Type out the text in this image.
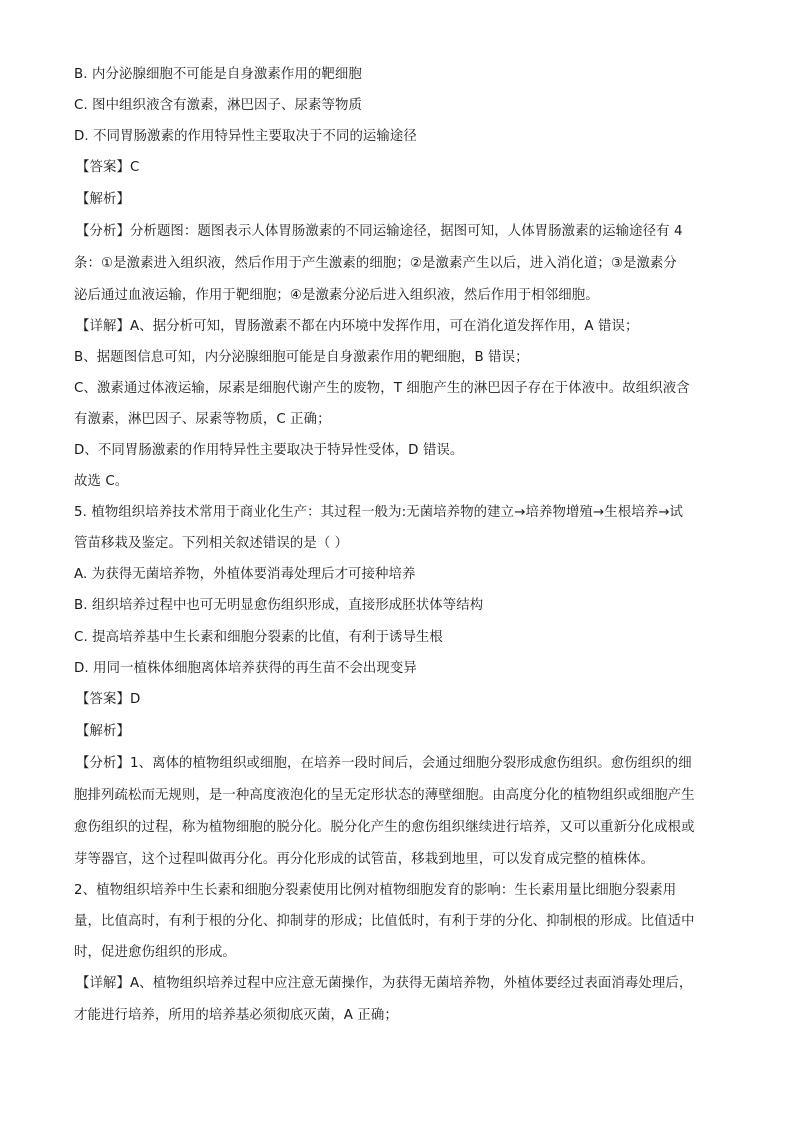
B. 内分泌腺细胞不可能是自身激素作用的靶细胞
C. 图中组织液含有激素，淋巴因子、尿素等物质
D. 不同胃肠激素的作用特异性主要取决于不同的运输途径
【答案】C
【解析】
【分析】分析题图：题图表示人体胃肠激素的不同运输途径，据图可知，人体胃肠激素的运输途径有 4
条：①是激素进入组织液，然后作用于产生激素的细胞；②是激素产生以后，进入消化道；③是激素分
泌后通过血液运输，作用于靶细胞；④是激素分泌后进入组织液，然后作用于相邻细胞。
【详解】A、据分析可知，胃肠激素不都在内环境中发挥作用，可在消化道发挥作用，A 错误；
B、据题图信息可知，内分泌腺细胞可能是自身激素作用的靶细胞，B 错误；
C、激素通过体液运输，尿素是细胞代谢产生的废物，T 细胞产生的淋巴因子存在于体液中。故组织液含
有激素，淋巴因子、尿素等物质，C 正确；
D、不同胃肠激素的作用特异性主要取决于特异性受体，D 错误。
故选 C。
5. 植物组织培养技术常用于商业化生产：其过程一般为:无菌培养物的建立→培养物增殖→生根培养→试
管苗移栽及鉴定。下列相关叙述错误的是（ ）
A. 为获得无菌培养物，外植体要消毒处理后才可接种培养
B. 组织培养过程中也可无明显愈伤组织形成，直接形成胚状体等结构
C. 提高培养基中生长素和细胞分裂素的比值，有利于诱导生根
D. 用同一植株体细胞离体培养获得的再生苗不会出现变异
【答案】D
【解析】
【分析】1、离体的植物组织或细胞，在培养一段时间后，会通过细胞分裂形成愈伤组织。愈伤组织的细
胞排列疏松而无规则，是一种高度液泡化的呈无定形状态的薄壁细胞。由高度分化的植物组织或细胞产生
愈伤组织的过程，称为植物细胞的脱分化。脱分化产生的愈伤组织继续进行培养，又可以重新分化成根或
芽等器官，这个过程叫做再分化。再分化形成的试管苗，移栽到地里，可以发育成完整的植株体。
2、植物组织培养中生长素和细胞分裂素使用比例对植物细胞发育的影响：生长素用量比细胞分裂素用
量，比值高时，有利于根的分化、抑制芽的形成；比值低时，有利于芽的分化、抑制根的形成。比值适中
时，促进愈伤组织的形成。
【详解】A、植物组织培养过程中应注意无菌操作，为获得无菌培养物，外植体要经过表面消毒处理后，
才能进行培养，所用的培养基必须彻底灭菌，A 正确；
